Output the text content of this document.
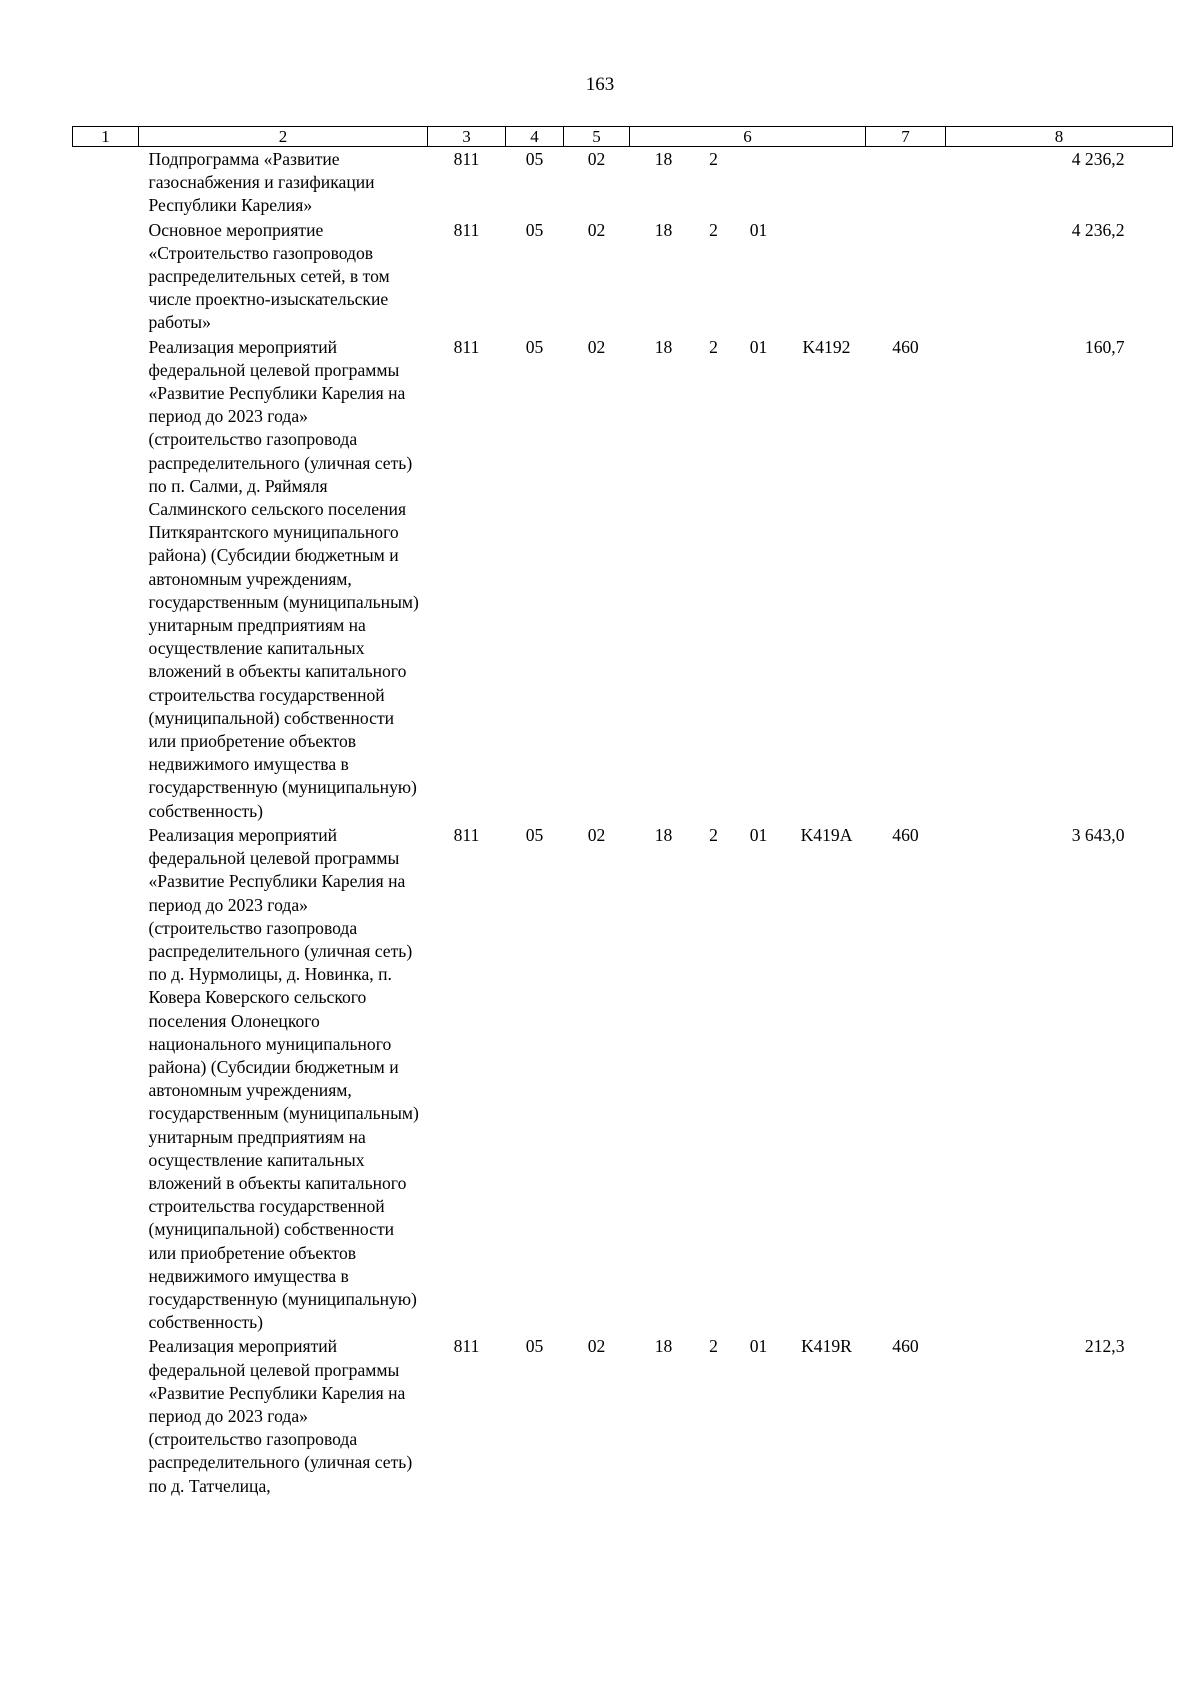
163
1	2	3	4	5	6				7	8
	Подпрограмма «Развитие газоснабжения и газификации Республики Карелия»	811	05	02	18	2				4 236,2
	Основное мероприятие «Строительство газопроводов распределительных сетей, в том числе проектно-изыскательские работы»	811	05	02	18	2	01			4 236,2
	Реализация мероприятий федеральной целевой программы «Развитие Республики Карелия на период до 2023 года» (строительство газопровода распределительного (уличная сеть) по п. Салми, д. Ряймяля Салминского сельского поселения Питкярантского муниципального района) (Субсидии бюджетным и автономным учреждениям, государственным (муниципальным) унитарным предприятиям на осуществление капитальных вложений в объекты капитального строительства государственной (муниципальной) собственности или приобретение объектов недвижимого имущества в государственную (муниципальную) собственность)	811	05	02	18	2	01	K4192	460	160,7
	Реализация мероприятий федеральной целевой программы «Развитие Республики Карелия на период до 2023 года» (строительство газопровода распределительного (уличная сеть) по д. Нурмолицы, д. Новинка, п. Ковера Коверского сельского поселения Олонецкого национального муниципального района) (Субсидии бюджетным и автономным учреждениям, государственным (муниципальным) унитарным предприятиям на осуществление капитальных вложений в объекты капитального строительства государственной (муниципальной) собственности или приобретение объектов недвижимого имущества в государственную (муниципальную) собственность)	811	05	02	18	2	01	K419A	460	3 643,0
	Реализация мероприятий федеральной целевой программы «Развитие Республики Карелия на период до 2023 года» (строительство газопровода распределительного (уличная сеть) по д. Татчелица,	811	05	02	18	2	01	K419R	460	212,3
